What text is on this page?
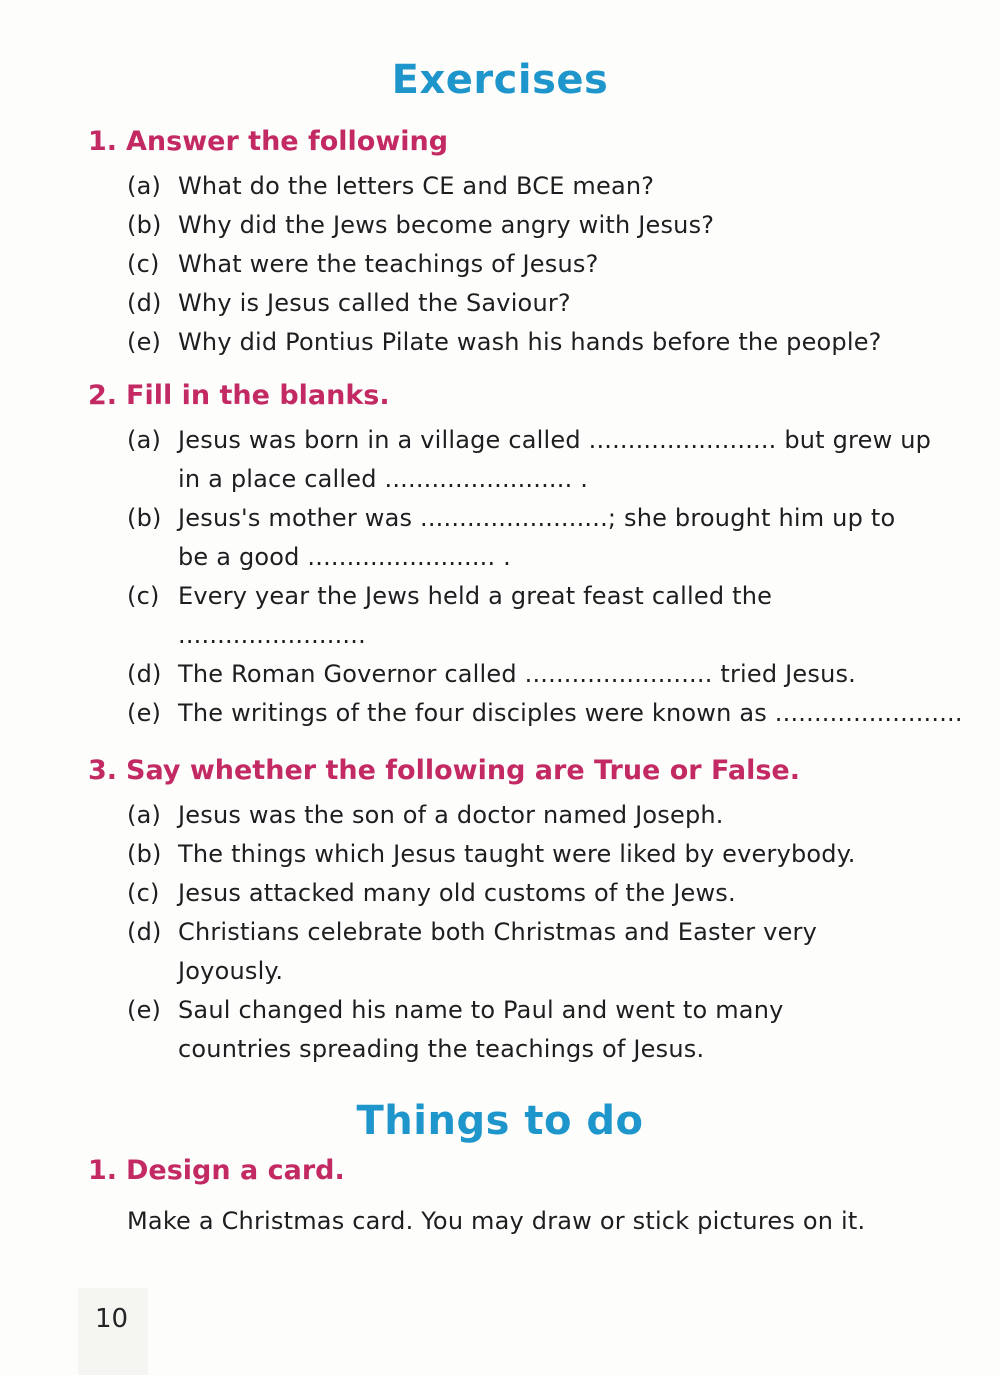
Exercises
1. Answer the following
(a) What do the letters CE and BCE mean?
(b) Why did the Jews become angry with Jesus?
(c) What were the teachings of Jesus?
(d) Why is Jesus called the Saviour?
(e) Why did Pontius Pilate wash his hands before the people?
2. Fill in the blanks.
(a) Jesus was born in a village called ........................ but grew up
in a place called ........................ .
(b) Jesus's mother was ........................; she brought him up to
be a good ........................ .
(c) Every year the Jews held a great feast called the
........................
(d) The Roman Governor called ........................ tried Jesus.
(e) The writings of the four disciples were known as ........................
3. Say whether the following are True or False.
(a) Jesus was the son of a doctor named Joseph.
(b) The things which Jesus taught were liked by everybody.
(c) Jesus attacked many old customs of the Jews.
(d) Christians celebrate both Christmas and Easter very
Joyously.
(e) Saul changed his name to Paul and went to many
countries spreading the teachings of Jesus.
Things to do
1. Design a card.
Make a Christmas card. You may draw or stick pictures on it.
10
